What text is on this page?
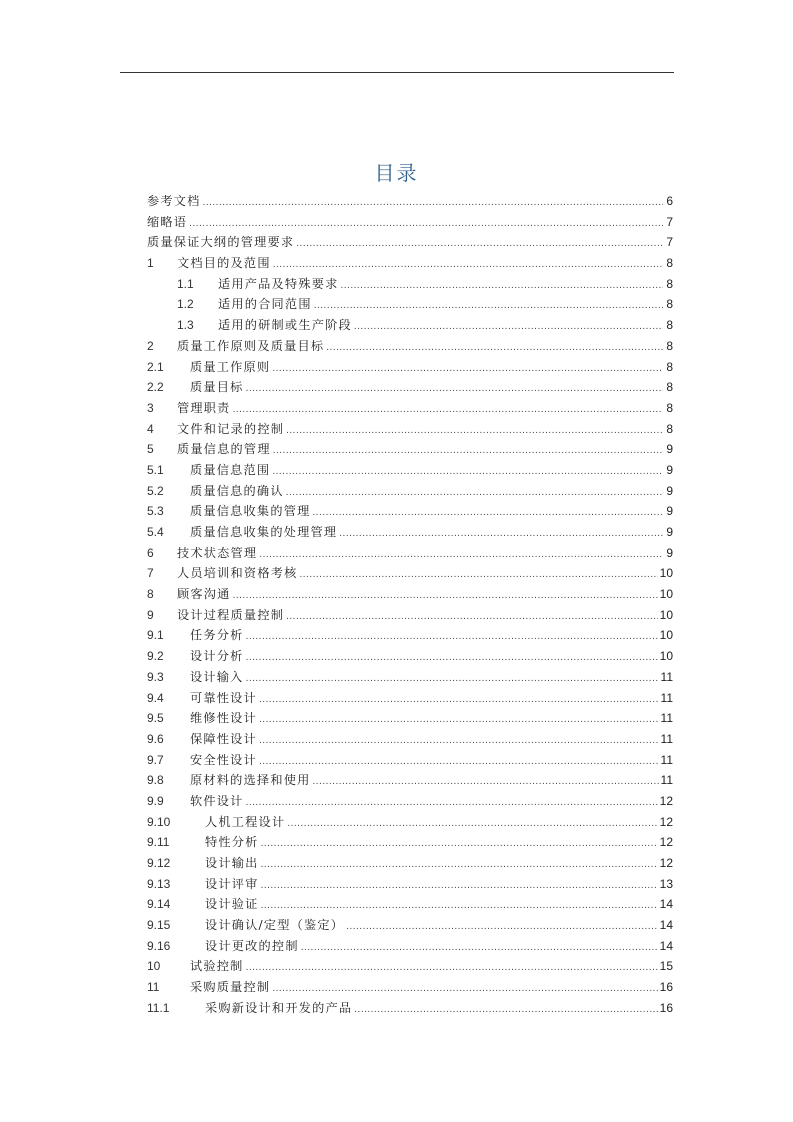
目录
参考文档 .....	6
缩略语 .....	7
质量保证大纲的管理要求 .....	7
1	文档目的及范围 .....	8
1.1	适用产品及特殊要求 .....	8
1.2	适用的合同范围 .....	8
1.3	适用的研制或生产阶段 .....	8
2	质量工作原则及质量目标 .....	8
2.1	质量工作原则 .....	8
2.2	质量目标 .....	8
3	管理职责 .....	8
4	文件和记录的控制 .....	8
5	质量信息的管理 .....	9
5.1	质量信息范围 .....	9
5.2	质量信息的确认 .....	9
5.3	质量信息收集的管理 .....	9
5.4	质量信息收集的处理管理 .....	9
6	技术状态管理 .....	9
7	人员培训和资格考核 .....	10
8	顾客沟通 .....	10
9	设计过程质量控制 .....	10
9.1	任务分析 .....	10
9.2	设计分析 .....	10
9.3	设计输入 .....	11
9.4	可靠性设计 .....	11
9.5	维修性设计 .....	11
9.6	保障性设计 .....	11
9.7	安全性设计 .....	11
9.8	原材料的选择和使用 .....	11
9.9	软件设计 .....	12
9.10	人机工程设计 .....	12
9.11	特性分析 .....	12
9.12	设计输出 .....	12
9.13	设计评审 .....	13
9.14	设计验证 .....	14
9.15	设计确认/定型（鉴定） .....	14
9.16	设计更改的控制 .....	14
10	试验控制 .....	15
11	采购质量控制 .....	16
11.1	采购新设计和开发的产品 .....	16
